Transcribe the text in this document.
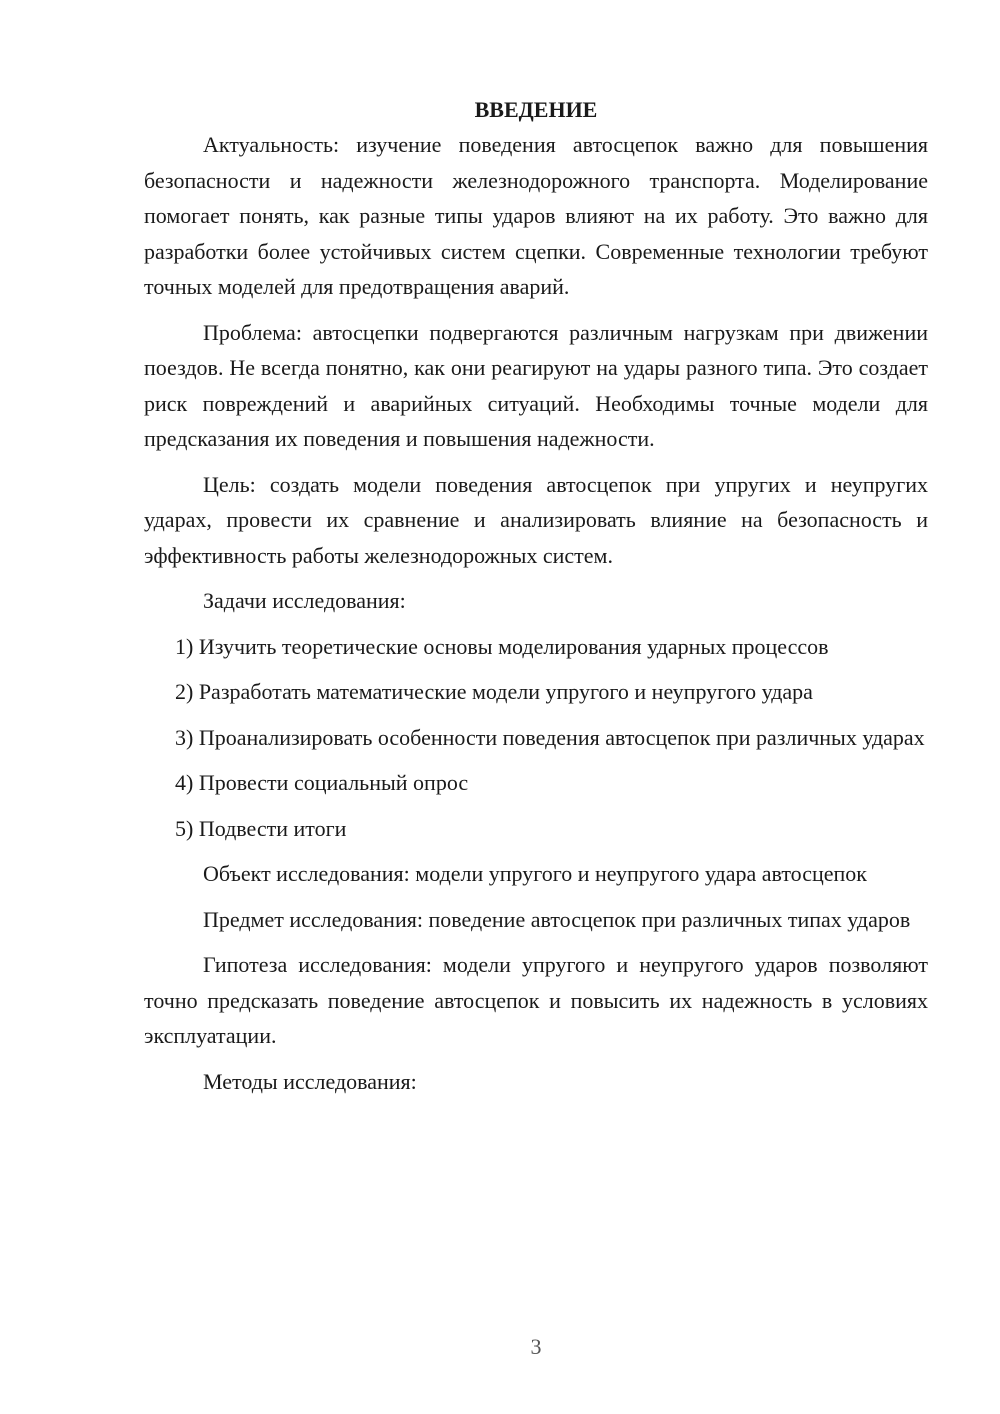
ВВЕДЕНИЕ

Актуальность: изучение поведения автосцепок важно для повышения безопасности и надежности железнодорожного транспорта. Моделирование помогает понять, как разные типы ударов влияют на их работу. Это важно для разработки более устойчивых систем сцепки. Современные технологии требуют точных моделей для предотвращения аварий.

Проблема: автосцепки подвергаются различным нагрузкам при движении поездов. Не всегда понятно, как они реагируют на удары разного типа. Это создает риск повреждений и аварийных ситуаций. Необходимы точные модели для предсказания их поведения и повышения надежности.

Цель: создать модели поведения автосцепок при упругих и неупругих ударах, провести их сравнение и анализировать влияние на безопасность и эффективность работы железнодорожных систем.

Задачи исследования:

1) Изучить теоретические основы моделирования ударных процессов

2) Разработать математические модели упругого и неупругого удара

3) Проанализировать особенности поведения автосцепок при различных ударах

4) Провести социальный опрос

5) Подвести итоги

Объект исследования: модели упругого и неупругого удара автосцепок

Предмет исследования: поведение автосцепок при различных типах ударов

Гипотеза исследования: модели упругого и неупругого ударов позволяют точно предсказать поведение автосцепок и повысить их надежность в условиях эксплуатации.

Методы исследования:

3
